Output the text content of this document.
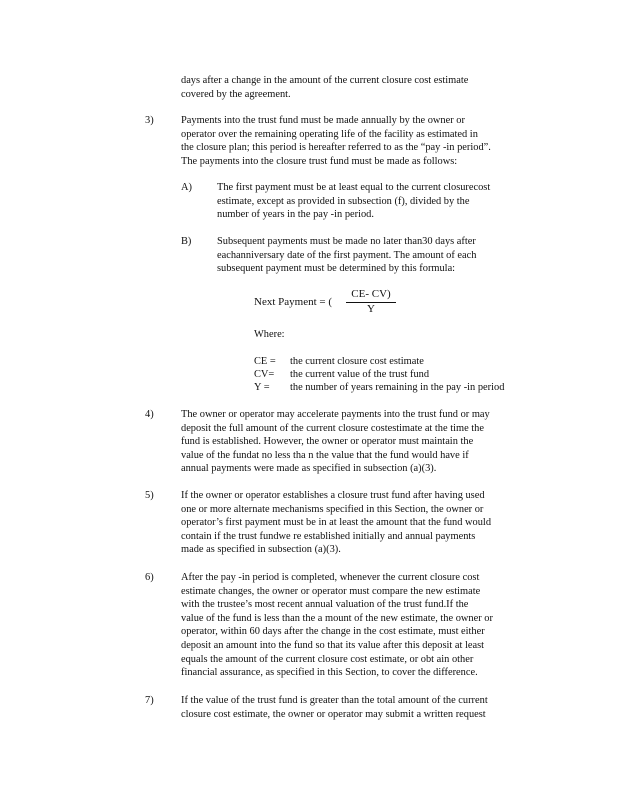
days after a change in the amount of the current closure cost estimate
covered by the agreement.
3)	Payments into the trust fund must be made annually by the owner or
operator over the remaining operating life of the facility as estimated in
the closure plan; this period is hereafter referred to as the “pay -in period”.
The payments into the closure trust fund must be made as follows:
A)	The first payment must be at least equal to the current closurecost
estimate, except as provided in subsection (f), divided by the
number of years in the pay -in period.
B)	Subsequent payments must be made no later than30 days after
eachanniversary date of the first payment. The amount of each
subsequent payment must be determined by this formula:
Next Payment = ( $\frac{CE- CV)}{Y}$
Where:
CE = the current closure cost estimate
CV= the current value of the trust fund
Y = the number of years remaining in the pay -in period
4)	The owner or operator may accelerate payments into the trust fund or may
deposit the full amount of the current closure costestimate at the time the
fund is established. However, the owner or operator must maintain the
value of the fundat no less tha n the value that the fund would have if
annual payments were made as specified in subsection (a)(3).
5)	If the owner or operator establishes a closure trust fund after having used
one or more alternate mechanisms specified in this Section, the owner or
operator’s first payment must be in at least the amount that the fund would
contain if the trust fundwe re established initially and annual payments
made as specified in subsection (a)(3).
6)	After the pay -in period is completed, whenever the current closure cost
estimate changes, the owner or operator must compare the new estimate
with the trustee’s most recent annual valuation of the trust fund.If the
value of the fund is less than the a mount of the new estimate, the owner or
operator, within 60 days after the change in the cost estimate, must either
deposit an amount into the fund so that its value after this deposit at least
equals the amount of the current closure cost estimate, or obt ain other
financial assurance, as specified in this Section, to cover the difference.
7)	If the value of the trust fund is greater than the total amount of the current
closure cost estimate, the owner or operator may submit a written request
